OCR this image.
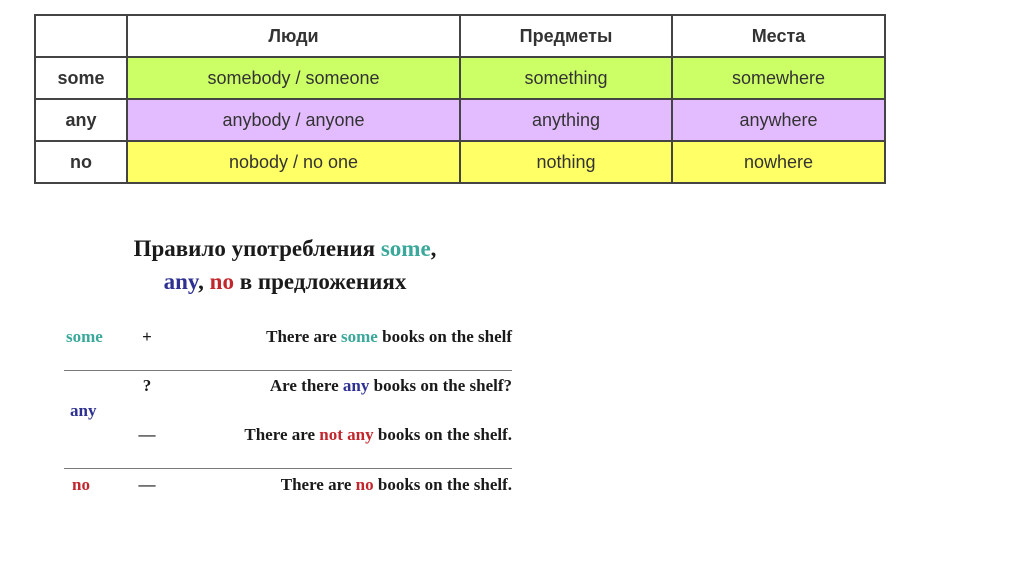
	Люди	Предметы	Места
some	somebody / someone	something	somewhere
any	anybody / anyone	anything	anywhere
no	nobody / no one	nothing	nowhere
Правило употребления some,
any, no в предложениях
some +	There are some books on the shelf
?	Are there any books on the shelf?
any
—	There are not any books on the shelf.
no	—	There are no books on the shelf.
